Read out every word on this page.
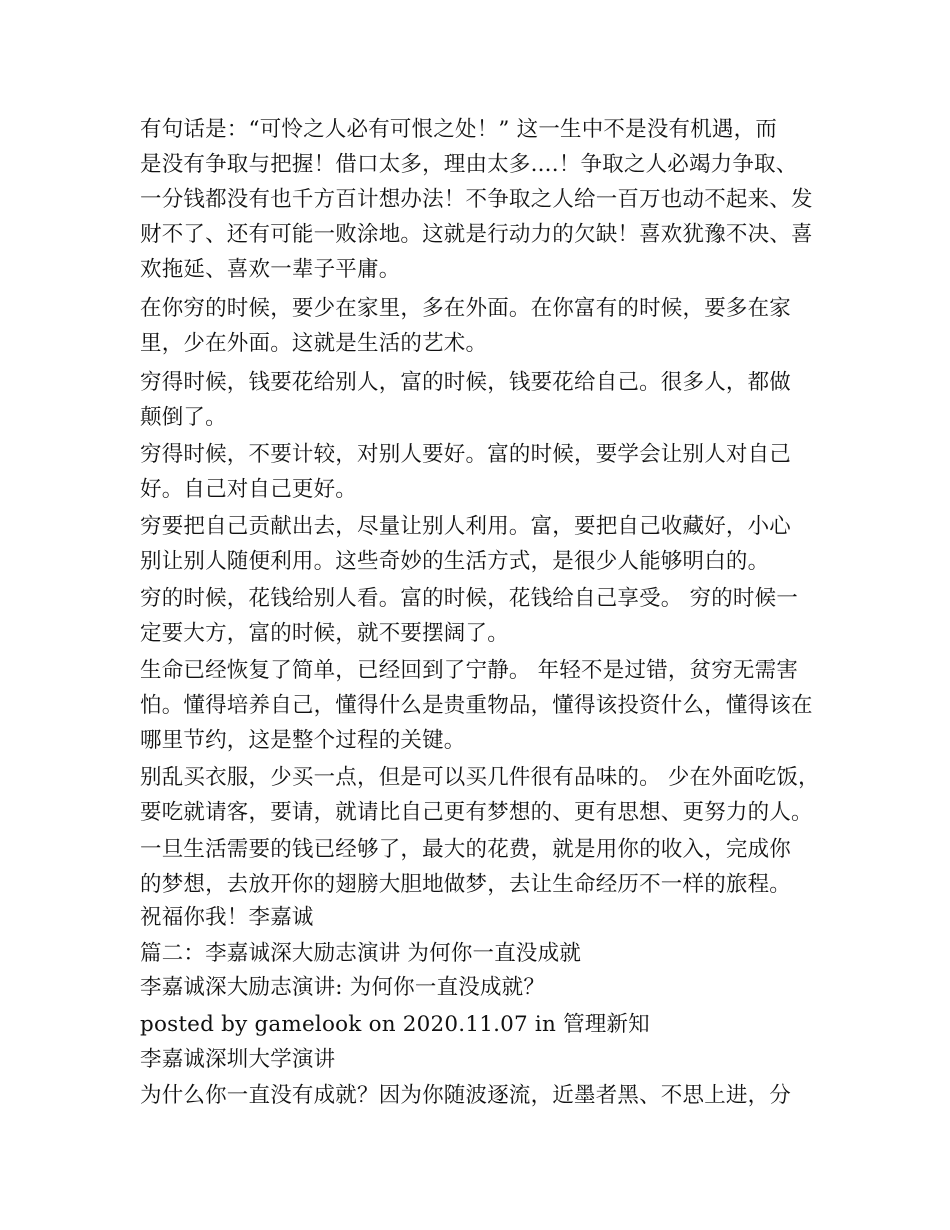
有句话是：“可怜之人必有可恨之处！” 这一生中不是没有机遇，而
是没有争取与把握！借口太多，理由太多....！争取之人必竭力争取、
一分钱都没有也千方百计想办法！不争取之人给一百万也动不起来、发
财不了、还有可能一败涂地。这就是行动力的欠缺！喜欢犹豫不决、喜
欢拖延、喜欢一辈子平庸。
在你穷的时候，要少在家里，多在外面。在你富有的时候，要多在家
里，少在外面。这就是生活的艺术。
穷得时候，钱要花给别人，富的时候，钱要花给自己。很多人，都做
颠倒了。
穷得时候，不要计较，对别人要好。富的时候，要学会让别人对自己
好。自己对自己更好。
穷要把自己贡献出去，尽量让别人利用。富，要把自己收藏好，小心
别让别人随便利用。这些奇妙的生活方式，是很少人能够明白的。
穷的时候，花钱给别人看。富的时候，花钱给自己享受。 穷的时候一
定要大方，富的时候，就不要摆阔了。
生命已经恢复了简单，已经回到了宁静。 年轻不是过错，贫穷无需害
怕。懂得培养自己，懂得什么是贵重物品，懂得该投资什么，懂得该在
哪里节约，这是整个过程的关键。
别乱买衣服，少买一点，但是可以买几件很有品味的。 少在外面吃饭，
要吃就请客，要请，就请比自己更有梦想的、更有思想、更努力的人。
一旦生活需要的钱已经够了，最大的花费，就是用你的收入，完成你
的梦想，去放开你的翅膀大胆地做梦，去让生命经历不一样的旅程。
祝福你我！李嘉诚
篇二：李嘉诚深大励志演讲 为何你一直没成就
李嘉诚深大励志演讲: 为何你一直没成就？
posted by gamelook on 2020.11.07 in 管理新知
李嘉诚深圳大学演讲
为什么你一直没有成就？因为你随波逐流，近墨者黑、不思上进，分
